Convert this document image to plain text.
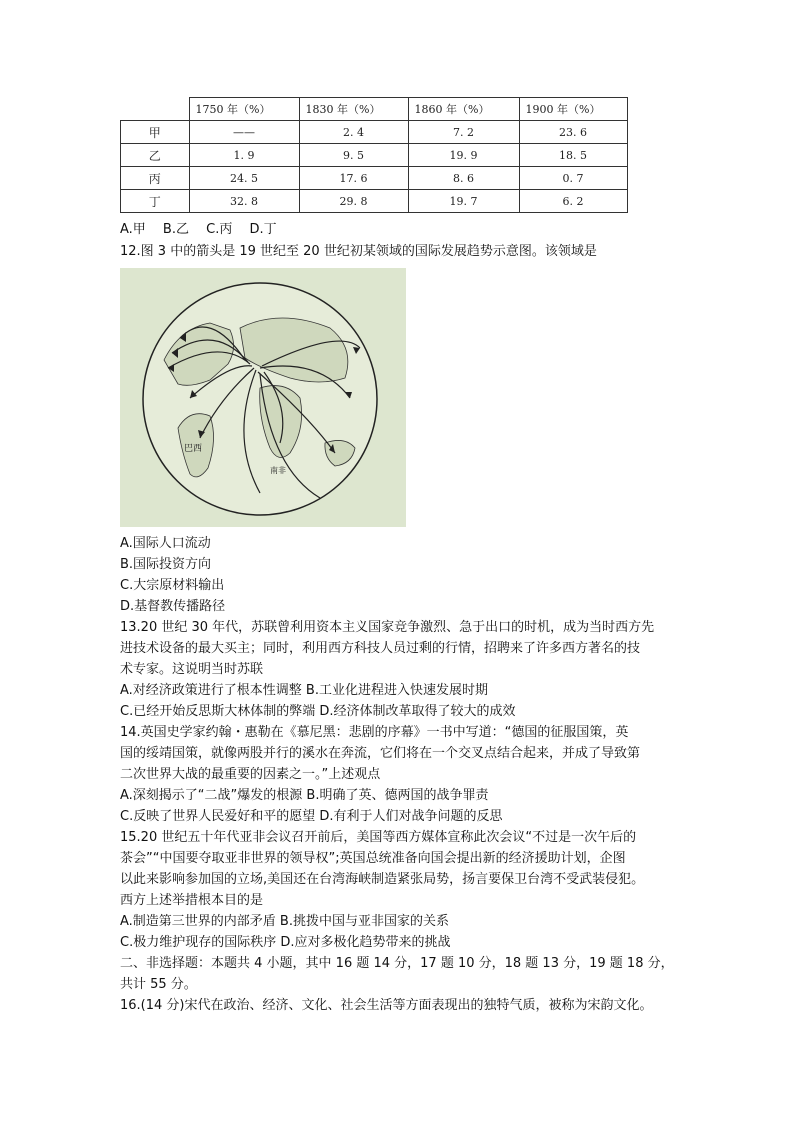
	1750 年（%）	1830 年（%）	1860 年（%）	1900 年（%）
甲	——	2. 4	7. 2	23. 6
乙	1. 9	9. 5	19. 9	18. 5
丙	24. 5	17. 6	8. 6	0. 7
丁	32. 8	29. 8	19. 7	6. 2
A.甲　 B.乙　 C.丙　 D.丁
12.图 3 中的箭头是 19 世纪至 20 世纪初某领域的国际发展趋势示意图。该领域是
巴西
南非
A.国际人口流动
B.国际投资方向
C.大宗原材料输出
D.基督教传播路径
13.20 世纪 30 年代，苏联曾利用资本主义国家竞争激烈、急于出口的时机，成为当时西方先
进技术设备的最大买主；同时，利用西方科技人员过剩的行情，招聘来了许多西方著名的技
术专家。这说明当时苏联
A.对经济政策进行了根本性调整 B.工业化进程进入快速发展时期
C.已经开始反思斯大林体制的弊端 D.经济体制改革取得了较大的成效
14.英国史学家约翰・惠勒在《慕尼黑：悲剧的序幕》一书中写道：“德国的征服国策，英
国的绥靖国策，就像两股并行的溪水在奔流，它们将在一个交叉点结合起来，并成了导致第
二次世界大战的最重要的因素之一。”上述观点
A.深刻揭示了“二战”爆发的根源 B.明确了英、德两国的战争罪责
C.反映了世界人民爱好和平的愿望 D.有利于人们对战争问题的反思
15.20 世纪五十年代亚非会议召开前后，美国等西方媒体宣称此次会议“不过是一次午后的
茶会”“中国要夺取亚非世界的领导权”;英国总统准备向国会提出新的经济援助计划，企图
以此来影响参加国的立场,美国还在台湾海峡制造紧张局势，扬言要保卫台湾不受武装侵犯。
西方上述举措根本目的是
A.制造第三世界的内部矛盾 B.挑拨中国与亚非国家的关系
C.极力维护现存的国际秩序 D.应对多极化趋势带来的挑战
二、非选择题：本题共 4 小题，其中 16 题 14 分，17 题 10 分，18 题 13 分，19 题 18 分，
共计 55 分。
16.(14 分)宋代在政治、经济、文化、社会生活等方面表现出的独特气质，被称为宋韵文化。
